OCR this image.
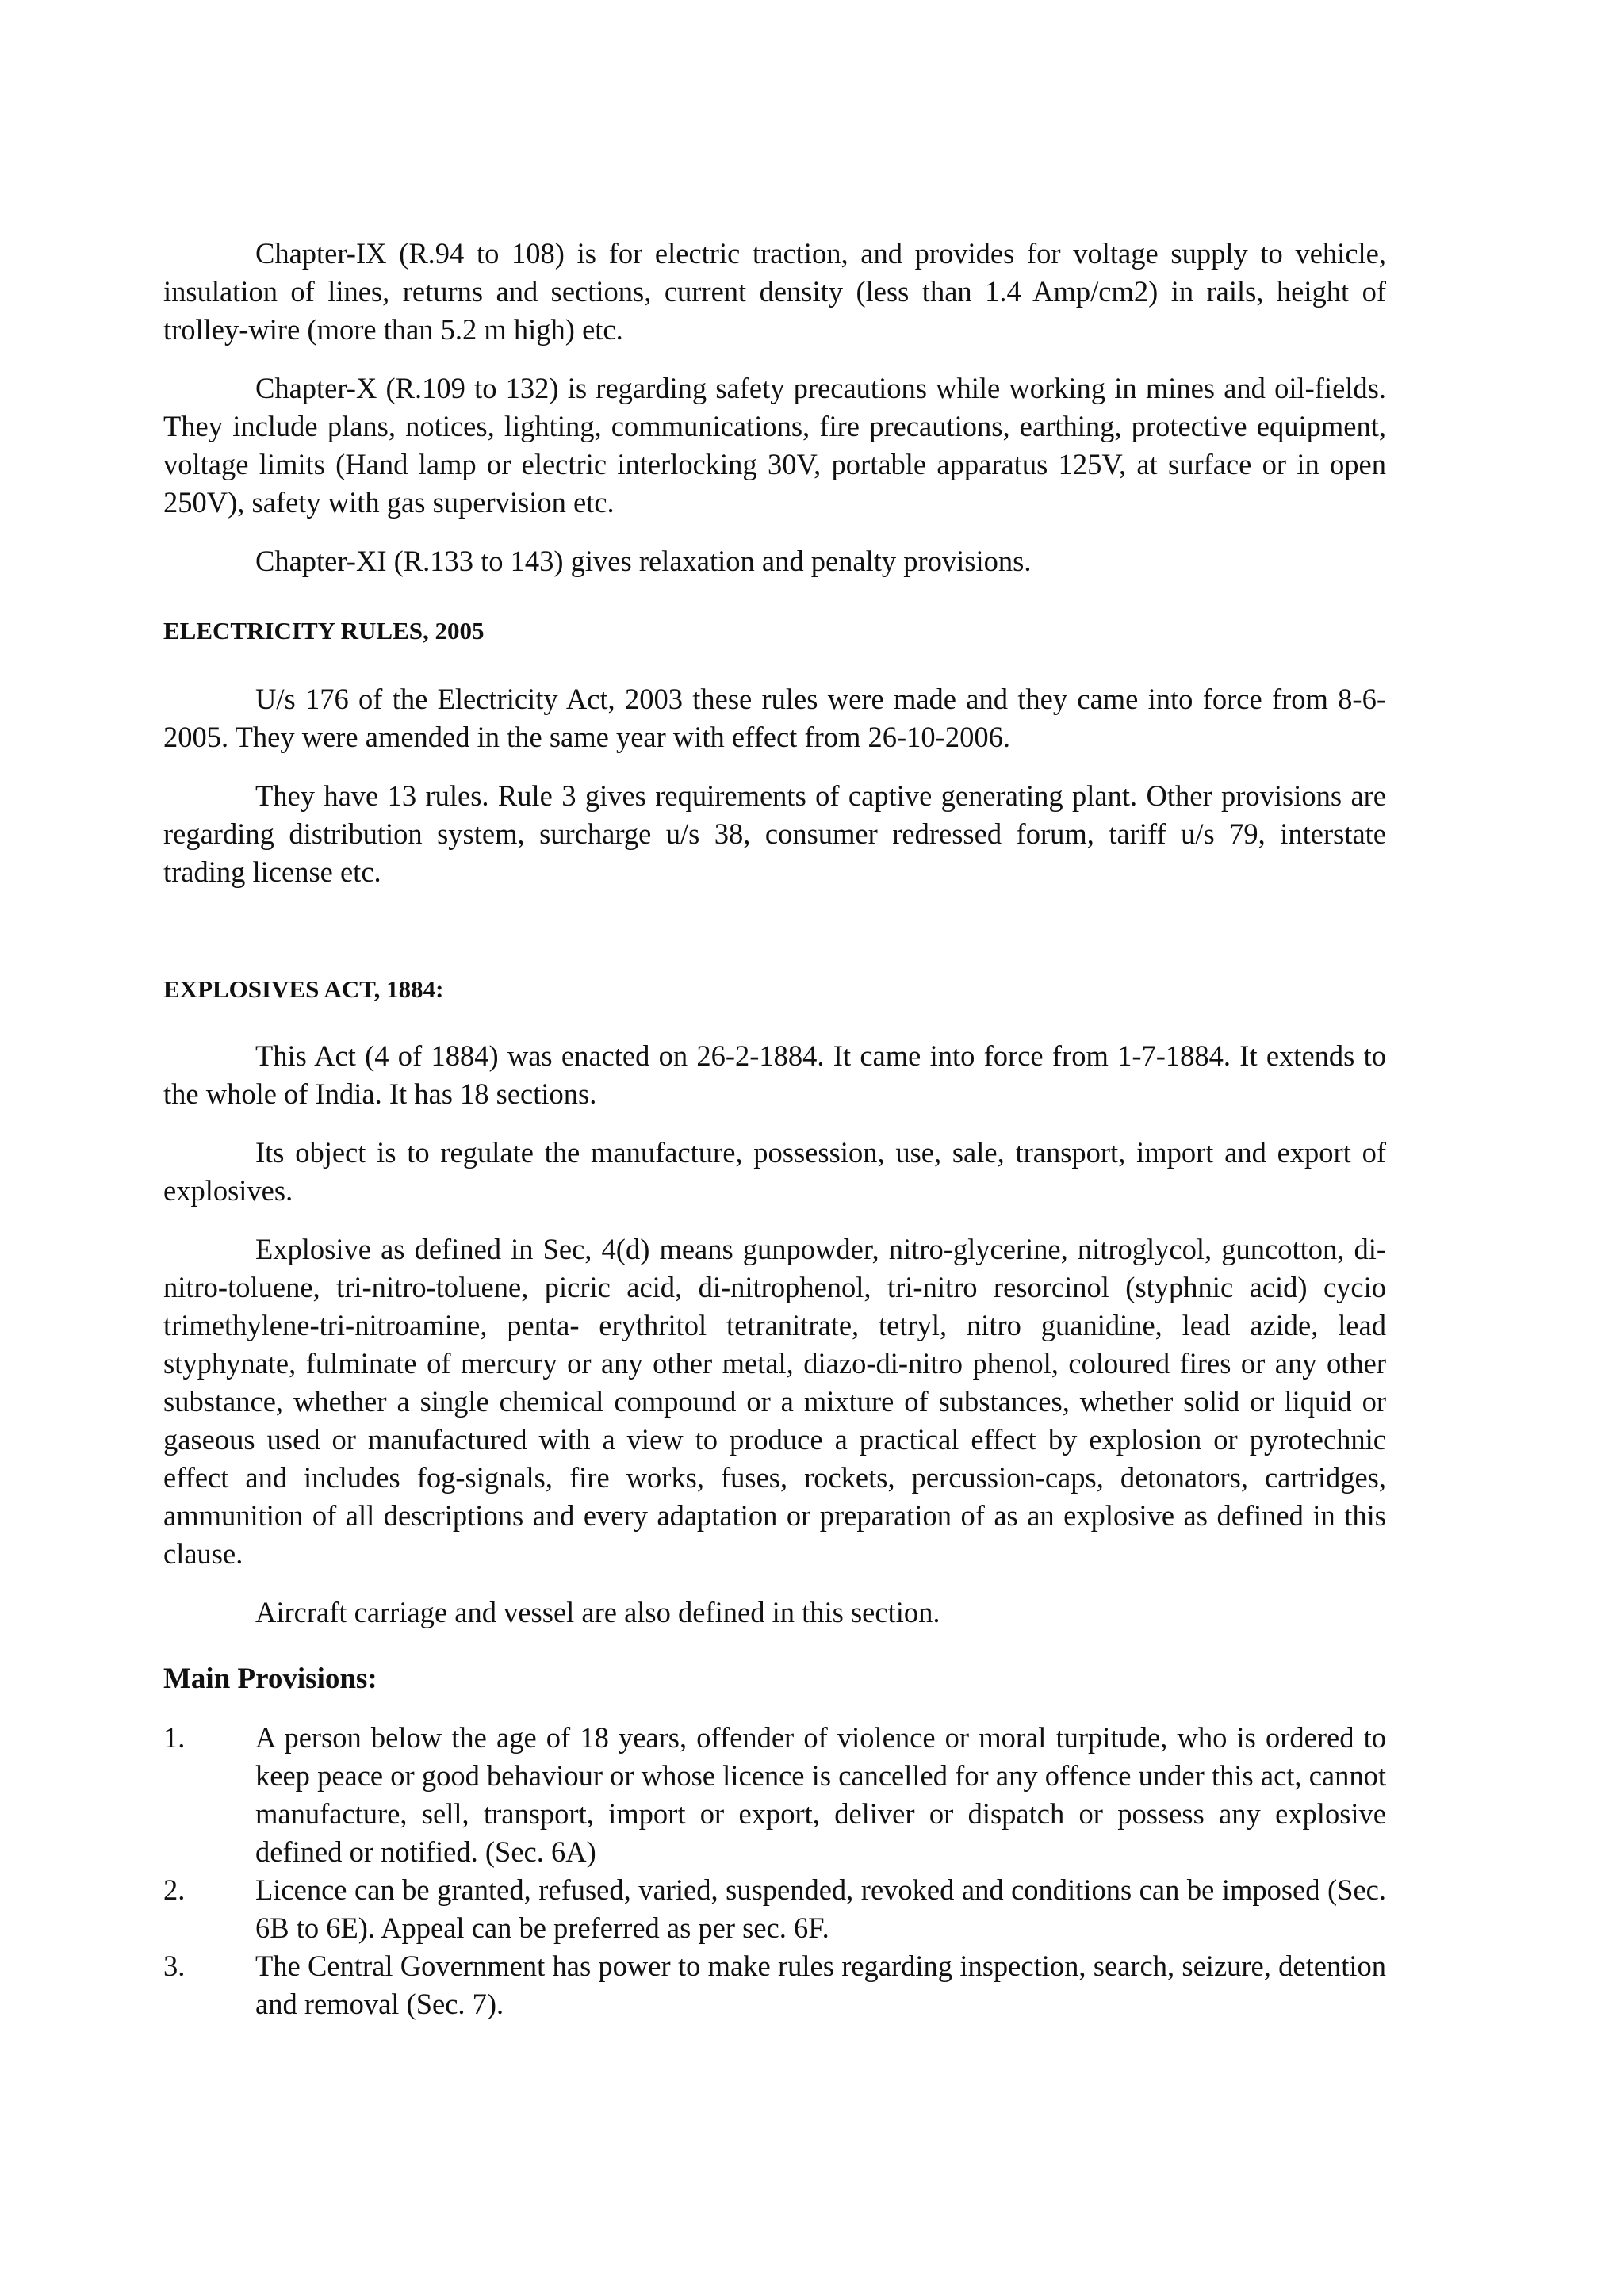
Chapter-IX (R.94 to 108) is for electric traction, and provides for voltage supply to vehicle, insulation of lines, returns and sections, current density (less than 1.4 Amp/cm2) in rails, height of trolley-wire (more than 5.2 m high) etc.

Chapter-X (R.109 to 132) is regarding safety precautions while working in mines and oil-fields. They include plans, notices, lighting, communications, fire precautions, earthing, protective equipment, voltage limits (Hand lamp or electric interlocking 30V, portable apparatus 125V, at surface or in open 250V), safety with gas supervision etc.

Chapter-XI (R.133 to 143) gives relaxation and penalty provisions.

ELECTRICITY RULES, 2005

U/s 176 of the Electricity Act, 2003 these rules were made and they came into force from 8-6-2005. They were amended in the same year with effect from 26-10-2006.

They have 13 rules. Rule 3 gives requirements of captive generating plant. Other provisions are regarding distribution system, surcharge u/s 38, consumer redressed forum, tariff u/s 79, interstate trading license etc.

EXPLOSIVES ACT, 1884:

This Act (4 of 1884) was enacted on 26-2-1884. It came into force from 1-7-1884. It extends to the whole of India. It has 18 sections.

Its object is to regulate the manufacture, possession, use, sale, transport, import and export of explosives.

Explosive as defined in Sec, 4(d) means gunpowder, nitro-glycerine, nitroglycol, guncotton, di-nitro-toluene, tri-nitro-toluene, picric acid, di-nitrophenol, tri-nitro resorcinol (styphnic acid) cycio trimethylene-tri-nitroamine, penta- erythritol tetranitrate, tetryl, nitro guanidine, lead azide, lead styphynate, fulminate of mercury or any other metal, diazo-di-nitro phenol, coloured fires or any other substance, whether a single chemical compound or a mixture of substances, whether solid or liquid or gaseous used or manufactured with a view to produce a practical effect by explosion or pyrotechnic effect and includes fog-signals, fire works, fuses, rockets, percussion-caps, detonators, cartridges, ammunition of all descriptions and every adaptation or preparation of as an explosive as defined in this clause.

Aircraft carriage and vessel are also defined in this section.

Main Provisions:

1. A person below the age of 18 years, offender of violence or moral turpitude, who is ordered to keep peace or good behaviour or whose licence is cancelled for any offence under this act, cannot manufacture, sell, transport, import or export, deliver or dispatch or possess any explosive defined or notified. (Sec. 6A)
2. Licence can be granted, refused, varied, suspended, revoked and conditions can be imposed (Sec. 6B to 6E). Appeal can be preferred as per sec. 6F.
3. The Central Government has power to make rules regarding inspection, search, seizure, detention and removal (Sec. 7).
